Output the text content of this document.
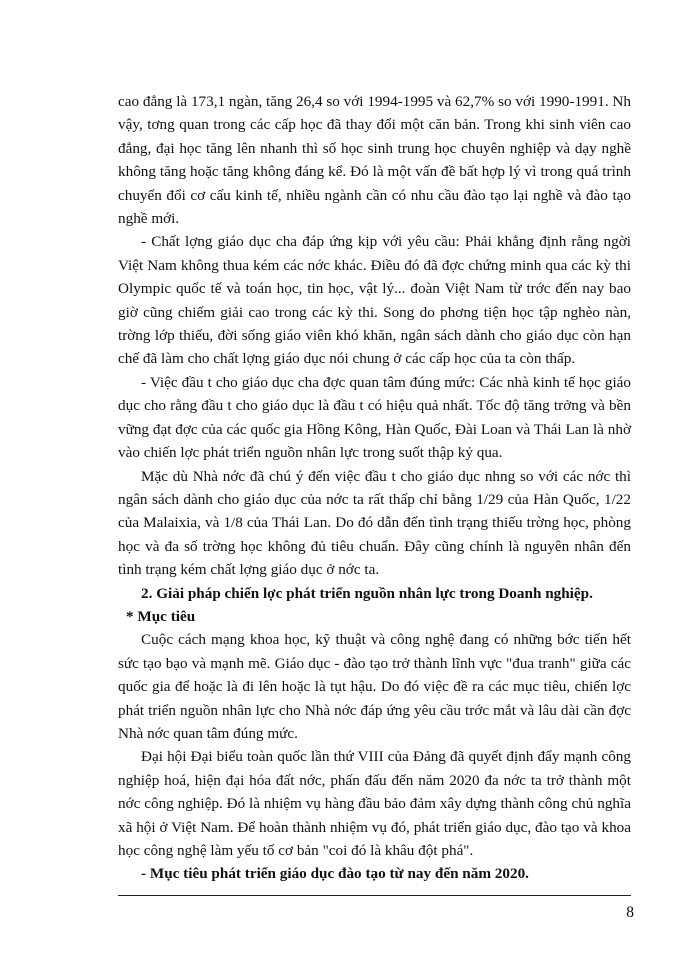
cao đẳng là 173,1 ngàn, tăng 26,4 so với 1994-1995 và 62,7% so với 1990-1991. Nh vậy, tơng quan trong các cấp học đã thay đổi một căn bản. Trong khi sinh viên cao đẳng, đại học tăng lên nhanh thì số học sinh trung học chuyên nghiệp và dạy nghề không tăng hoặc tăng không đáng kể. Đó là một vấn đề bất hợp lý vì trong quá trình chuyển đổi cơ cấu kinh tế, nhiều ngành cần có nhu cầu đào tạo lại nghề và đào tạo nghề mới.

- Chất lợng giáo dục cha đáp ứng kịp với yêu cầu: Phải khẳng định rằng ngời Việt Nam không thua kém các nớc khác. Điều đó đã đợc chứng minh qua các kỳ thi Olympic quốc tế và toán học, tin học, vật lý... đoàn Việt Nam từ trớc đến nay bao giờ cũng chiếm giải cao trong các kỳ thi. Song do phơng tiện học tập nghèo nàn, trờng lớp thiếu, đời sống giáo viên khó khăn, ngân sách dành cho giáo dục còn hạn chế đã làm cho chất lợng giáo dục nói chung ở các cấp học của ta còn thấp.

- Việc đầu t cho giáo dục cha đợc quan tâm đúng mức: Các nhà kinh tế học giáo dục cho rằng đầu t cho giáo dục là đầu t có hiệu quả nhất. Tốc độ tăng trởng và bền vững đạt đợc của các quốc gia Hồng Kông, Hàn Quốc, Đài Loan và Thái Lan là nhờ vào chiến lợc phát triển nguồn nhân lực trong suốt thập kỷ qua.

Mặc dù Nhà nớc đã chú ý đến việc đầu t cho giáo dục nhng so với các nớc thì ngân sách dành cho giáo dục của nớc ta rất thấp chỉ bằng 1/29 của Hàn Quốc, 1/22 của Malaixia, và 1/8 của Thái Lan. Do đó dẫn đến tình trạng thiếu trờng học, phòng học và đa số trờng học không đủ tiêu chuẩn. Đây cũng chính là nguyên nhân đến tình trạng kém chất lợng giáo dục ở nớc ta.

2. Giải pháp chiến lợc phát triển nguồn nhân lực trong Doanh nghiệp.

* Mục tiêu

Cuộc cách mạng khoa học, kỹ thuật và công nghệ đang có những bớc tiến hết sức tạo bạo và mạnh mẽ. Giáo dục - đào tạo trở thành lĩnh vực "đua tranh" giữa các quốc gia để hoặc là đi lên hoặc là tụt hậu. Do đó việc đề ra các mục tiêu, chiến lợc phát triển nguồn nhân lực cho Nhà nớc đáp ứng yêu cầu trớc mắt và lâu dài cần đợc Nhà nớc quan tâm đúng mức.

Đại hội Đại biểu toàn quốc lần thứ VIII của Đảng đã quyết định đẩy mạnh công nghiệp hoá, hiện đại hóa đất nớc, phấn đấu đến năm 2020 đa nớc ta trở thành một nớc công nghiệp. Đó là nhiệm vụ hàng đầu bảo đảm xây dựng thành công chủ nghĩa xã hội ở Việt Nam. Để hoàn thành nhiệm vụ đó, phát triển giáo dục, đào tạo và khoa học công nghệ làm yếu tố cơ bản "coi đó là khâu đột phá".

- Mục tiêu phát triển giáo dục đào tạo từ nay đến năm 2020.

8
